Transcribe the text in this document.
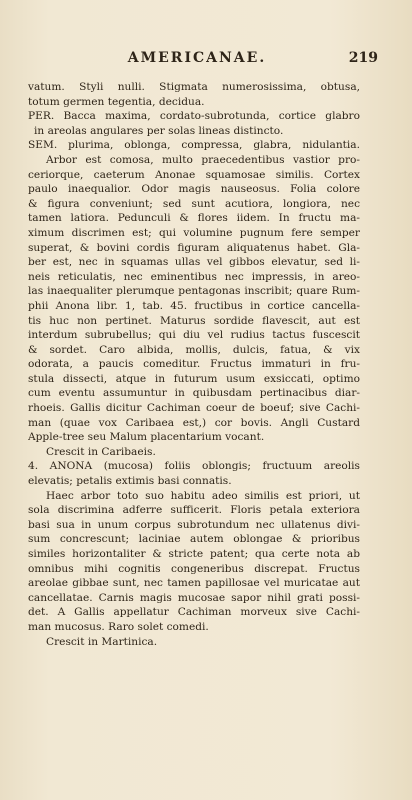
AMERICANAE.	219
vatum. Styli nulli. Stigmata numerosissima, obtusa,
totum germen tegentia, decidua.
PER. Bacca maxima, cordato-subrotunda, cortice glabro
in areolas angulares per solas lineas distincto.
SEM. plurima, oblonga, compressa, glabra, nidulantia.
Arbor est comosa, multo praecedentibus vastior pro-
ceriorque, caeterum Anonae squamosae similis. Cortex
paulo inaequalior. Odor magis nauseosus. Folia colore
& figura conveniunt; sed sunt acutiora, longiora, nec
tamen latiora. Pedunculi & flores iidem. In fructu ma-
ximum discrimen est; qui volumine pugnum fere semper
superat, & bovini cordis figuram aliquatenus habet. Gla-
ber est, nec in squamas ullas vel gibbos elevatur, sed li-
neis reticulatis, nec eminentibus nec impressis, in areo-
las inaequaliter plerumque pentagonas inscribit; quare Rum-
phii Anona libr. 1, tab. 45. fructibus in cortice cancella-
tis huc non pertinet. Maturus sordide flavescit, aut est
interdum subrubellus; qui diu vel rudius tactus fuscescit
& sordet. Caro albida, mollis, dulcis, fatua, & vix
odorata, a paucis comeditur. Fructus immaturi in fru-
stula dissecti, atque in futurum usum exsiccati, optimo
cum eventu assumuntur in quibusdam pertinacibus diar-
rhoeis. Gallis dicitur Cachiman coeur de boeuf; sive Cachi-
man (quae vox Caribaea est,) cor bovis. Angli Custard
Apple-tree seu Malum placentarium vocant.
Crescit in Caribaeis.
4. ANONA (mucosa) foliis oblongis; fructuum areolis
elevatis; petalis extimis basi connatis.
Haec arbor toto suo habitu adeo similis est priori, ut
sola discrimina adferre sufficerit. Floris petala exteriora
basi sua in unum corpus subrotundum nec ullatenus divi-
sum concrescunt; laciniae autem oblongae & prioribus
similes horizontaliter & stricte patent; qua certe nota ab
omnibus mihi cognitis congeneribus discrepat. Fructus
areolae gibbae sunt, nec tamen papillosae vel muricatae aut
cancellatae. Carnis magis mucosae sapor nihil grati possi-
det. A Gallis appellatur Cachiman morveux sive Cachi-
man mucosus. Raro solet comedi.
Crescit in Martinica.
